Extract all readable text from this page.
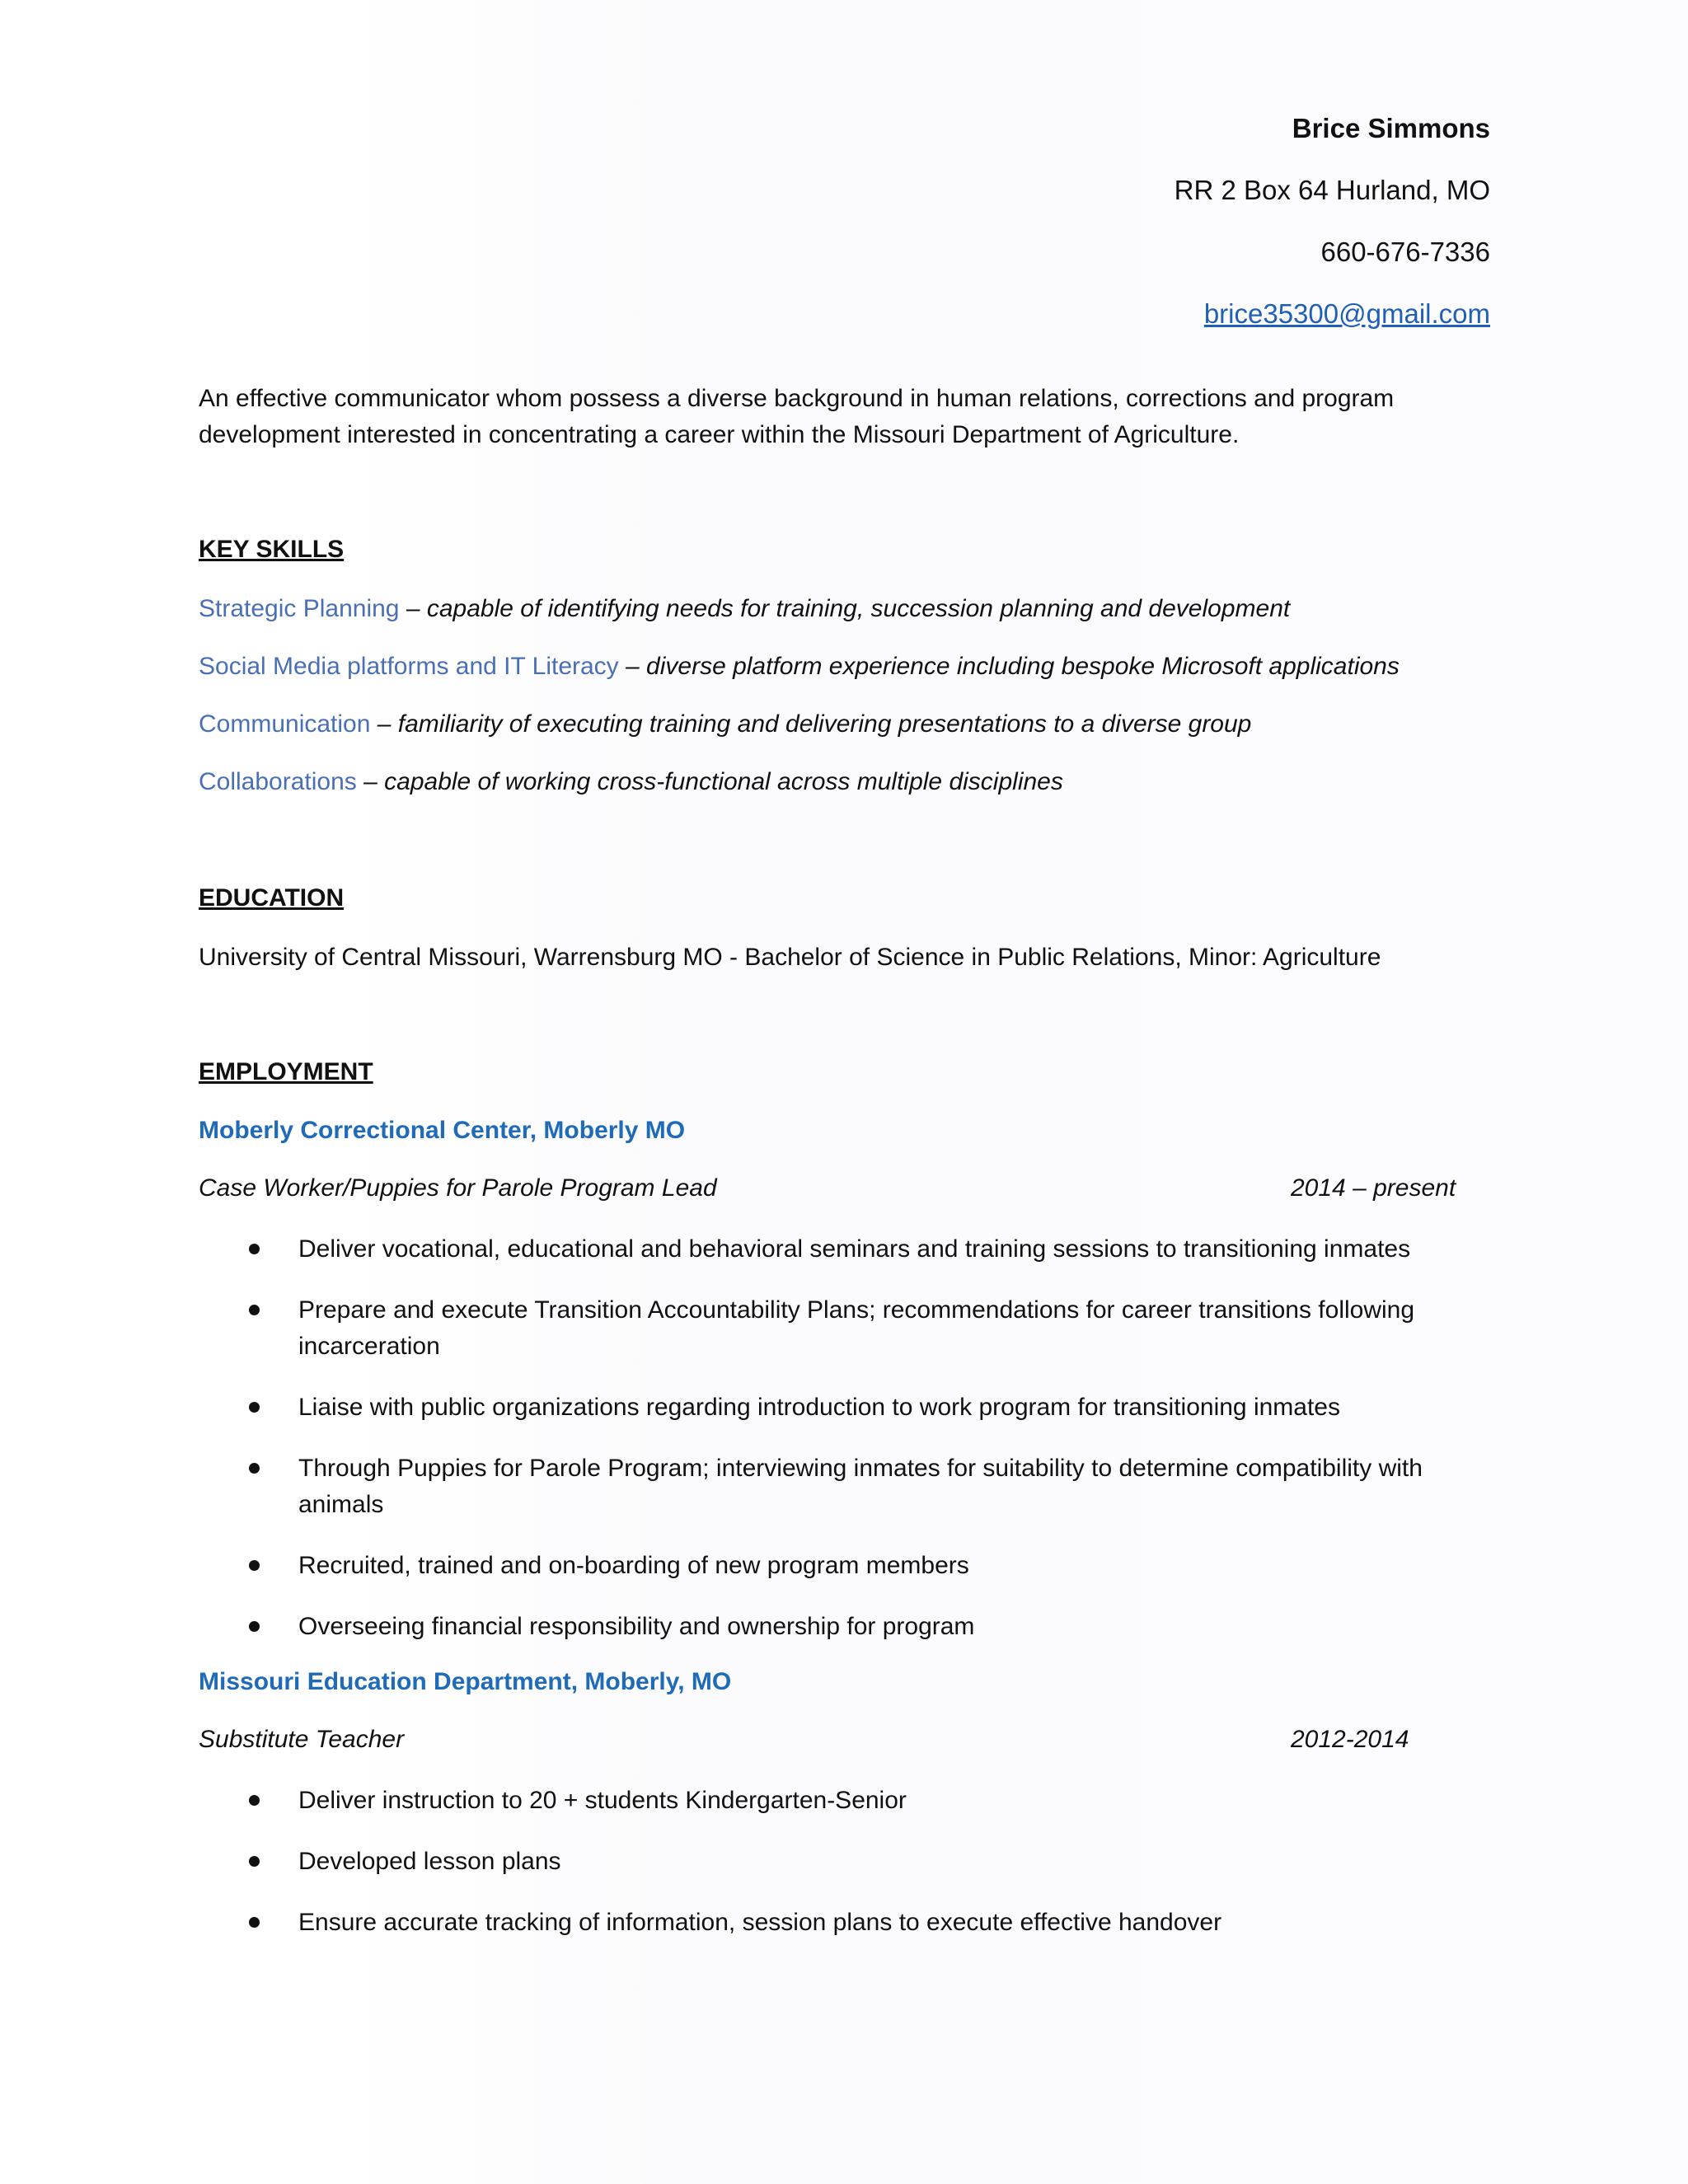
Brice Simmons
RR 2 Box 64 Hurland, MO
660-676-7336
brice35300@gmail.com
An effective communicator whom possess a diverse background in human relations, corrections and program development interested in concentrating a career within the Missouri Department of Agriculture.
KEY SKILLS
Strategic Planning – capable of identifying needs for training, succession planning and development
Social Media platforms and IT Literacy – diverse platform experience including bespoke Microsoft applications
Communication – familiarity of executing training and delivering presentations to a diverse group
Collaborations – capable of working cross-functional across multiple disciplines
EDUCATION
University of Central Missouri, Warrensburg MO - Bachelor of Science in Public Relations, Minor: Agriculture
EMPLOYMENT
Moberly Correctional Center, Moberly MO
Case Worker/Puppies for Parole Program Lead	2014 – present
Deliver vocational, educational and behavioral seminars and training sessions to transitioning inmates
Prepare and execute Transition Accountability Plans; recommendations for career transitions following incarceration
Liaise with public organizations regarding introduction to work program for transitioning inmates
Through Puppies for Parole Program; interviewing inmates for suitability to determine compatibility with animals
Recruited, trained and on-boarding of new program members
Overseeing financial responsibility and ownership for program
Missouri Education Department, Moberly, MO
Substitute Teacher	2012-2014
Deliver instruction to 20 + students Kindergarten-Senior
Developed lesson plans
Ensure accurate tracking of information, session plans to execute effective handover
